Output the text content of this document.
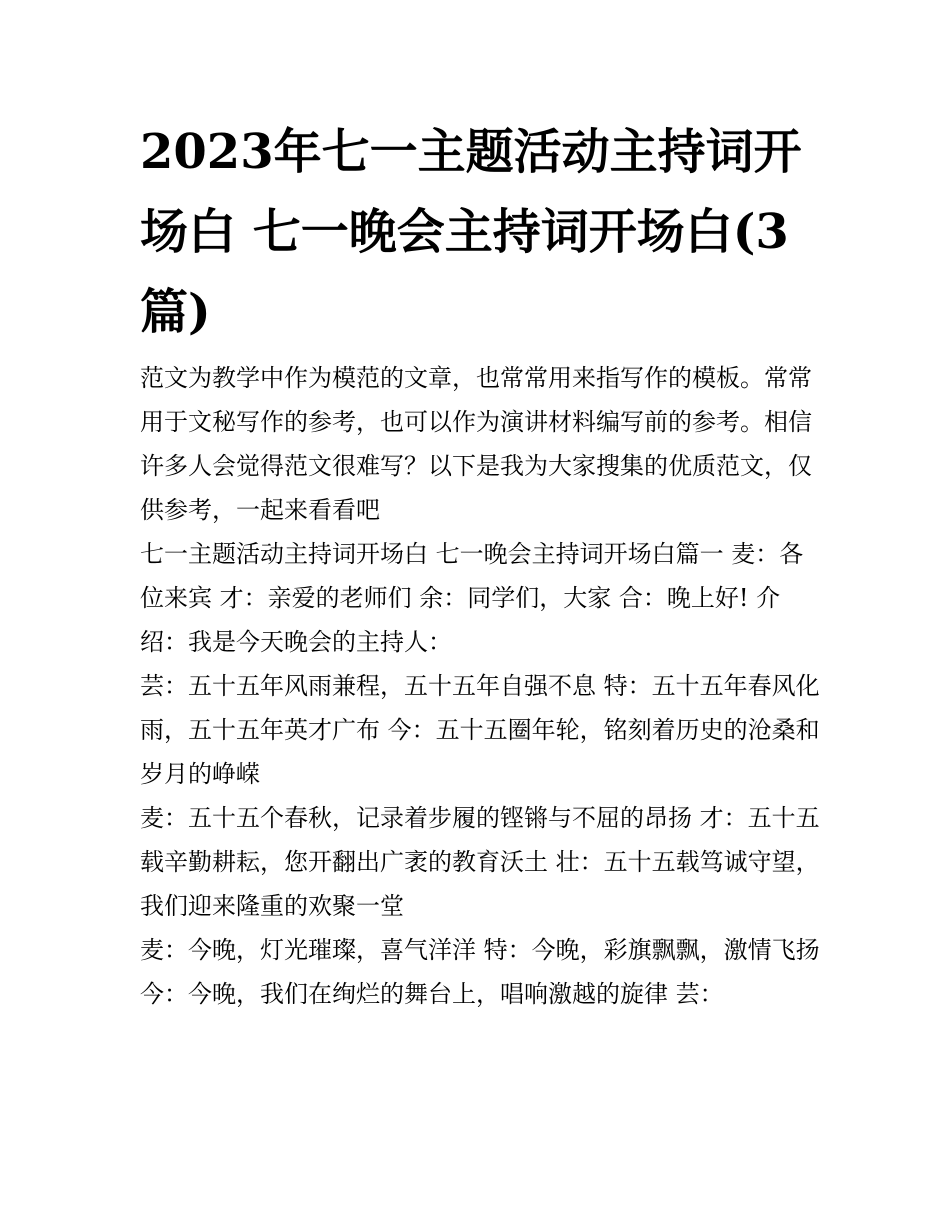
2023年七一主题活动主持词开场白 七一晚会主持词开场白(3篇)

范文为教学中作为模范的文章，也常常用来指写作的模板。常常用于文秘写作的参考，也可以作为演讲材料编写前的参考。相信许多人会觉得范文很难写？以下是我为大家搜集的优质范文，仅供参考，一起来看看吧

七一主题活动主持词开场白 七一晚会主持词开场白篇一 麦：各位来宾 才：亲爱的老师们 余：同学们，大家 合：晚上好! 介绍：我是今天晚会的主持人：

芸：五十五年风雨兼程，五十五年自强不息 特：五十五年春风化雨，五十五年英才广布 今：五十五圈年轮，铭刻着历史的沧桑和岁月的峥嵘

麦：五十五个春秋，记录着步履的铿锵与不屈的昂扬 才：五十五载辛勤耕耘，您开翻出广袤的教育沃土 壮：五十五载笃诚守望，我们迎来隆重的欢聚一堂

麦：今晚，灯光璀璨，喜气洋洋 特：今晚，彩旗飘飘，激情飞扬 今：今晚，我们在绚烂的舞台上，唱响激越的旋律 芸：
